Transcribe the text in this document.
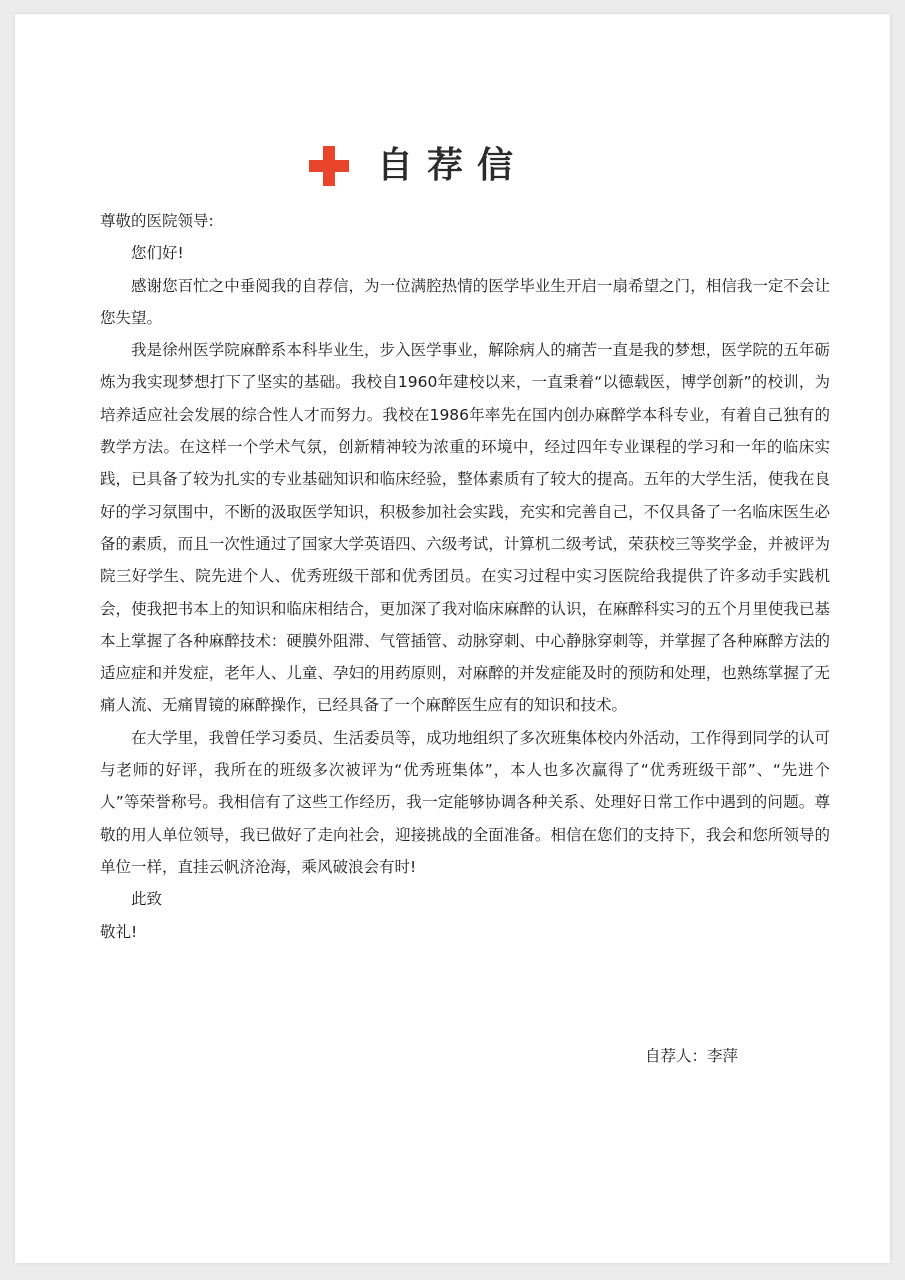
自荐信

尊敬的医院领导:

您们好!

感谢您百忙之中垂阅我的自荐信，为一位满腔热情的医学毕业生开启一扇希望之门，相信我一定不会让您失望。

我是徐州医学院麻醉系本科毕业生，步入医学事业，解除病人的痛苦一直是我的梦想，医学院的五年砺炼为我实现梦想打下了坚实的基础。我校自1960年建校以来，一直秉着“以德载医，博学创新”的校训，为培养适应社会发展的综合性人才而努力。我校在1986年率先在国内创办麻醉学本科专业，有着自己独有的教学方法。在这样一个学术气氛，创新精神较为浓重的环境中，经过四年专业课程的学习和一年的临床实践，已具备了较为扎实的专业基础知识和临床经验，整体素质有了较大的提高。五年的大学生活，使我在良好的学习氛围中，不断的汲取医学知识，积极参加社会实践，充实和完善自己，不仅具备了一名临床医生必备的素质，而且一次性通过了国家大学英语四、六级考试，计算机二级考试，荣获校三等奖学金，并被评为院三好学生、院先进个人、优秀班级干部和优秀团员。在实习过程中实习医院给我提供了许多动手实践机会，使我把书本上的知识和临床相结合，更加深了我对临床麻醉的认识，在麻醉科实习的五个月里使我已基本上掌握了各种麻醉技术：硬膜外阻滞、气管插管、动脉穿刺、中心静脉穿刺等，并掌握了各种麻醉方法的适应症和并发症，老年人、儿童、孕妇的用药原则，对麻醉的并发症能及时的预防和处理，也熟练掌握了无痛人流、无痛胃镜的麻醉操作，已经具备了一个麻醉医生应有的知识和技术。

在大学里，我曾任学习委员、生活委员等，成功地组织了多次班集体校内外活动，工作得到同学的认可与老师的好评，我所在的班级多次被评为“优秀班集体”，本人也多次赢得了“优秀班级干部”、“先进个人”等荣誉称号。我相信有了这些工作经历，我一定能够协调各种关系、处理好日常工作中遇到的问题。尊敬的用人单位领导，我已做好了走向社会，迎接挑战的全面准备。相信在您们的支持下，我会和您所领导的单位一样，直挂云帆济沧海，乘风破浪会有时!

此致

敬礼!

自荐人：李萍
